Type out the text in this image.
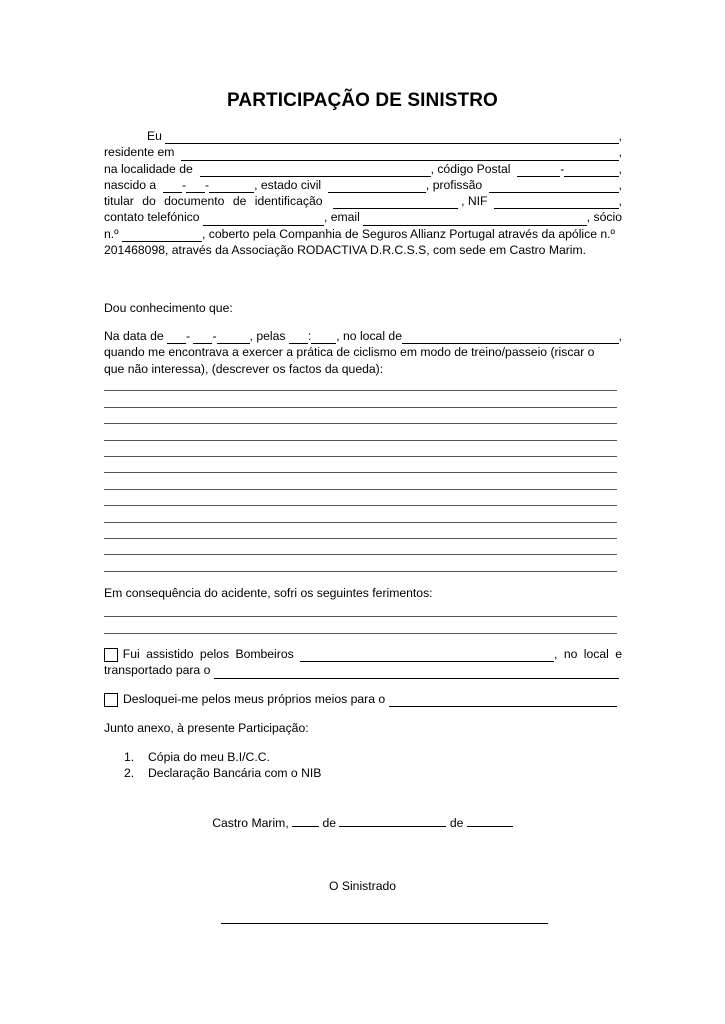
PARTICIPAÇÃO DE SINISTRO
Eu
	,
residente em
	,
na localidade de
	, código Postal
	-	,
nascido a
-
-	, estado civil
	, profissão
	,
titular do documento de identificação

	, NIF
	,
contato telefónico
	, email
	, sócio
n.º
	, coberto pela Companhia de Seguros Allianz Portugal através da apólice n.º
201468098, através da Associação RODACTIVA D.R.C.S.S, com sede em Castro Marim.
Dou conhecimento que:
Na data de
-
-	, pelas
: , no local de	,
quando me encontrava a exercer a prática de ciclismo em modo de treino/passeio (riscar o
que não interessa), (descrever os factos da queda):
Em consequência do acidente, sofri os seguintes ferimentos:
Fui assistido pelos Bombeiros
	, no local e
transportado para o

Desloquei-me pelos meus próprios meios para o

Junto anexo, à presente Participação:
1.	Cópia do meu B.I/C.C.
2.	Declaração Bancária com o NIB
Castro Marim,	de	de
O Sinistrado
